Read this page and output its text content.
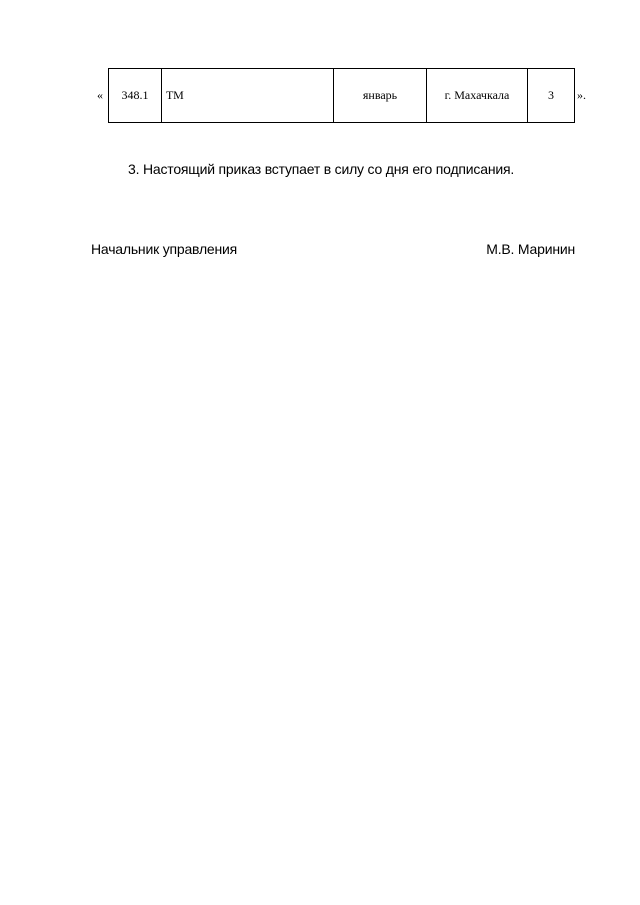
« 348.1	ТМ	январь	г. Махачкала	3 ».
3. Настоящий приказ вступает в силу со дня его подписания.
Начальник управления	М.В. Маринин
